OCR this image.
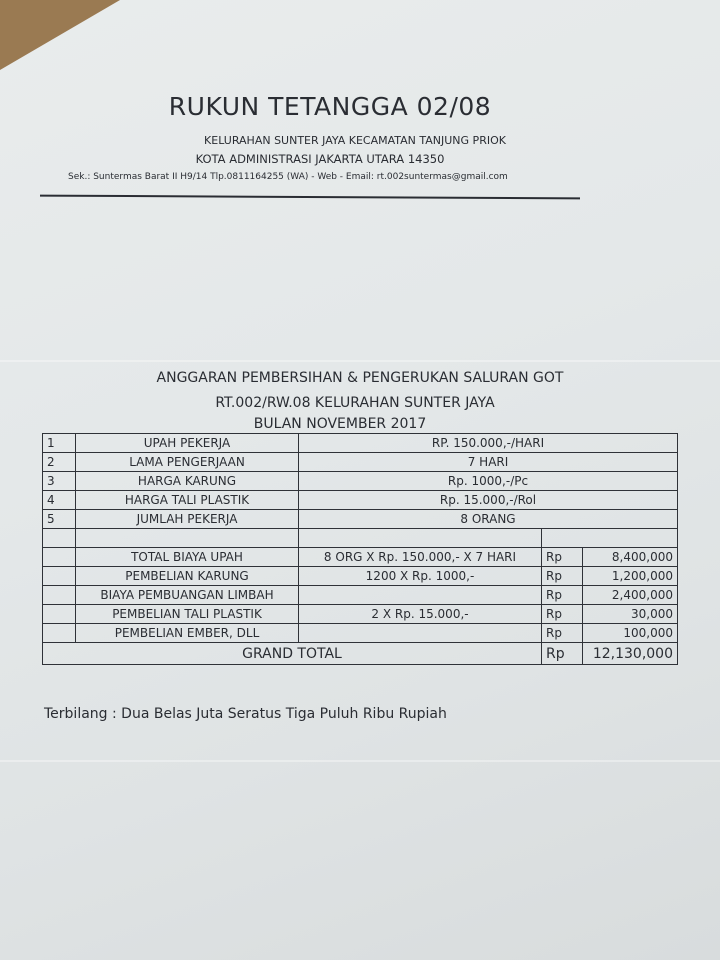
RUKUN TETANGGA 02/08
KELURAHAN SUNTER JAYA KECAMATAN TANJUNG PRIOK
KOTA ADMINISTRASI JAKARTA UTARA 14350
Sek.: Suntermas Barat II H9/14 Tlp.0811164255 (WA) - Web - Email: rt.002suntermas@gmail.com
ANGGARAN PEMBERSIHAN & PENGERUKAN SALURAN GOT
RT.002/RW.08 KELURAHAN SUNTER JAYA
BULAN NOVEMBER 2017
1	UPAH PEKERJA	RP. 150.000,-/HARI		
2	LAMA PENGERJAAN	7 HARI		
3	HARGA KARUNG	Rp. 1000,-/Pc		
4	HARGA TALI PLASTIK	Rp. 15.000,-/Rol		
5	JUMLAH PEKERJA	8 ORANG		

	TOTAL BIAYA UPAH	8 ORG X Rp. 150.000,- X 7 HARI	Rp	8,400,000
	PEMBELIAN KARUNG	1200 X Rp. 1000,-	Rp	1,200,000
	BIAYA PEMBUANGAN LIMBAH		Rp	2,400,000
	PEMBELIAN TALI PLASTIK	2 X Rp. 15.000,-	Rp	30,000
	PEMBELIAN EMBER, DLL		Rp	100,000
GRAND TOTAL			Rp	12,130,000
Terbilang : Dua Belas Juta Seratus Tiga Puluh Ribu Rupiah
